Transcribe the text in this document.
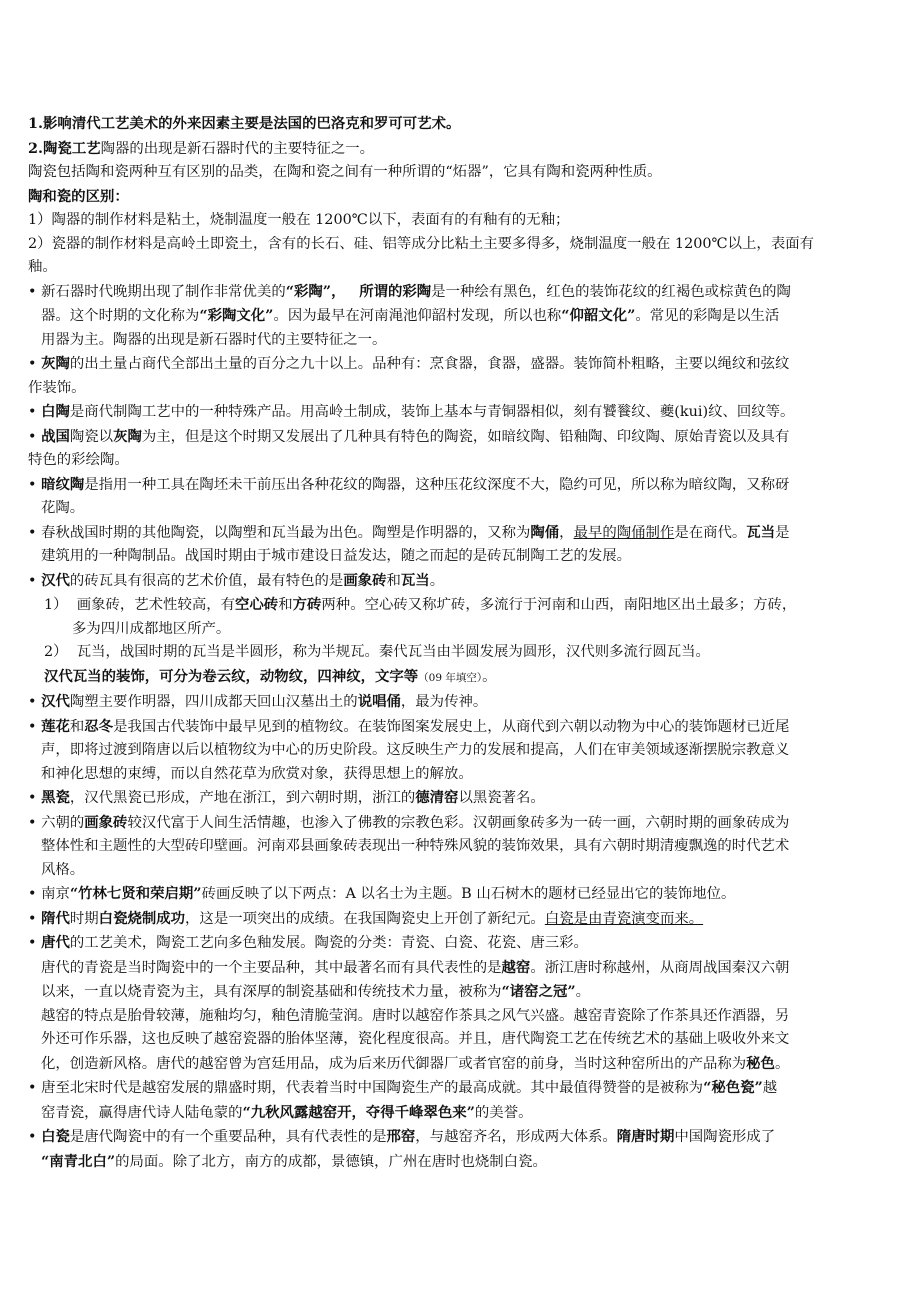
1.影响清代工艺美术的外来因素主要是法国的巴洛克和罗可可艺术。
2.陶瓷工艺陶器的出现是新石器时代的主要特征之一。
陶瓷包括陶和瓷两种互有区别的品类，在陶和瓷之间有一种所谓的“炻器”，它具有陶和瓷两种性质。
陶和瓷的区别：
1）陶器的制作材料是粘土，烧制温度一般在 1200℃以下，表面有的有釉有的无釉；
2）瓷器的制作材料是高岭土即瓷土，含有的长石、硅、铝等成分比粘土主要多得多，烧制温度一般在 1200℃以上，表面有
釉。
• 新石器时代晚期出现了制作非常优美的“彩陶”， 所谓的彩陶是一种绘有黑色，红色的装饰花纹的红褐色或棕黄色的陶
器。这个时期的文化称为“彩陶文化”。因为最早在河南渑池仰韶村发现，所以也称“仰韶文化”。常见的彩陶是以生活
用器为主。陶器的出现是新石器时代的主要特征之一。
• 灰陶的出土量占商代全部出土量的百分之九十以上。品种有：烹食器，食器，盛器。装饰简朴粗略，主要以绳纹和弦纹
作装饰。
• 白陶是商代制陶工艺中的一种特殊产品。用高岭土制成，装饰上基本与青铜器相似，刻有饕餮纹、夔(kui)纹、回纹等。
• 战国陶瓷以灰陶为主，但是这个时期又发展出了几种具有特色的陶瓷，如暗纹陶、铅釉陶、印纹陶、原始青瓷以及具有
特色的彩绘陶。
• 暗纹陶是指用一种工具在陶坯未干前压出各种花纹的陶器，这种压花纹深度不大，隐约可见，所以称为暗纹陶，又称砑
花陶。
• 春秋战国时期的其他陶瓷，以陶塑和瓦当最为出色。陶塑是作明器的，又称为陶俑，最早的陶俑制作是在商代。瓦当是
建筑用的一种陶制品。战国时期由于城市建设日益发达，随之而起的是砖瓦制陶工艺的发展。
• 汉代的砖瓦具有很高的艺术价值，最有特色的是画象砖和瓦当。
1） 画象砖，艺术性较高，有空心砖和方砖两种。空心砖又称圹砖，多流行于河南和山西，南阳地区出土最多；方砖，
多为四川成都地区所产。
2） 瓦当，战国时期的瓦当是半圆形，称为半规瓦。秦代瓦当由半圆发展为圆形，汉代则多流行圆瓦当。
汉代瓦当的装饰，可分为卷云纹，动物纹，四神纹，文字等（09 年填空）。
• 汉代陶塑主要作明器，四川成都天回山汉墓出土的说唱俑，最为传神。
• 莲花和忍冬是我国古代装饰中最早见到的植物纹。在装饰图案发展史上，从商代到六朝以动物为中心的装饰题材已近尾
声，即将过渡到隋唐以后以植物纹为中心的历史阶段。这反映生产力的发展和提高，人们在审美领域逐渐摆脱宗教意义
和神化思想的束缚，而以自然花草为欣赏对象，获得思想上的解放。
• 黑瓷，汉代黑瓷已形成，产地在浙江，到六朝时期，浙江的德清窑以黑瓷著名。
• 六朝的画象砖较汉代富于人间生活情趣，也渗入了佛教的宗教色彩。汉朝画象砖多为一砖一画，六朝时期的画象砖成为
整体性和主题性的大型砖印壁画。河南邓县画象砖表现出一种特殊风貌的装饰效果，具有六朝时期清瘦飘逸的时代艺术
风格。
• 南京“竹林七贤和荣启期”砖画反映了以下两点：A 以名士为主题。B 山石树木的题材已经显出它的装饰地位。
• 隋代时期白瓷烧制成功，这是一项突出的成绩。在我国陶瓷史上开创了新纪元。白瓷是由青瓷演变而来。
• 唐代的工艺美术，陶瓷工艺向多色釉发展。陶瓷的分类：青瓷、白瓷、花瓷、唐三彩。
唐代的青瓷是当时陶瓷中的一个主要品种，其中最著名而有具代表性的是越窑。浙江唐时称越州，从商周战国秦汉六朝
以来，一直以烧青瓷为主，具有深厚的制瓷基础和传统技术力量，被称为“诸窑之冠”。
越窑的特点是胎骨较薄，施釉均匀，釉色清脆莹润。唐时以越窑作茶具之风气兴盛。越窑青瓷除了作茶具还作酒器，另
外还可作乐器，这也反映了越窑瓷器的胎体坚薄，瓷化程度很高。并且，唐代陶瓷工艺在传统艺术的基础上吸收外来文
化，创造新风格。唐代的越窑曾为宫廷用品，成为后来历代御器厂或者官窑的前身，当时这种窑所出的产品称为秘色。
• 唐至北宋时代是越窑发展的鼎盛时期，代表着当时中国陶瓷生产的最高成就。其中最值得赞誉的是被称为“秘色瓷”越
窑青瓷，赢得唐代诗人陆龟蒙的“九秋风露越窑开，夺得千峰翠色来”的美誉。
• 白瓷是唐代陶瓷中的有一个重要品种，具有代表性的是邢窑，与越窑齐名，形成两大体系。隋唐时期中国陶瓷形成了
“南青北白”的局面。除了北方，南方的成都，景德镇，广州在唐时也烧制白瓷。
